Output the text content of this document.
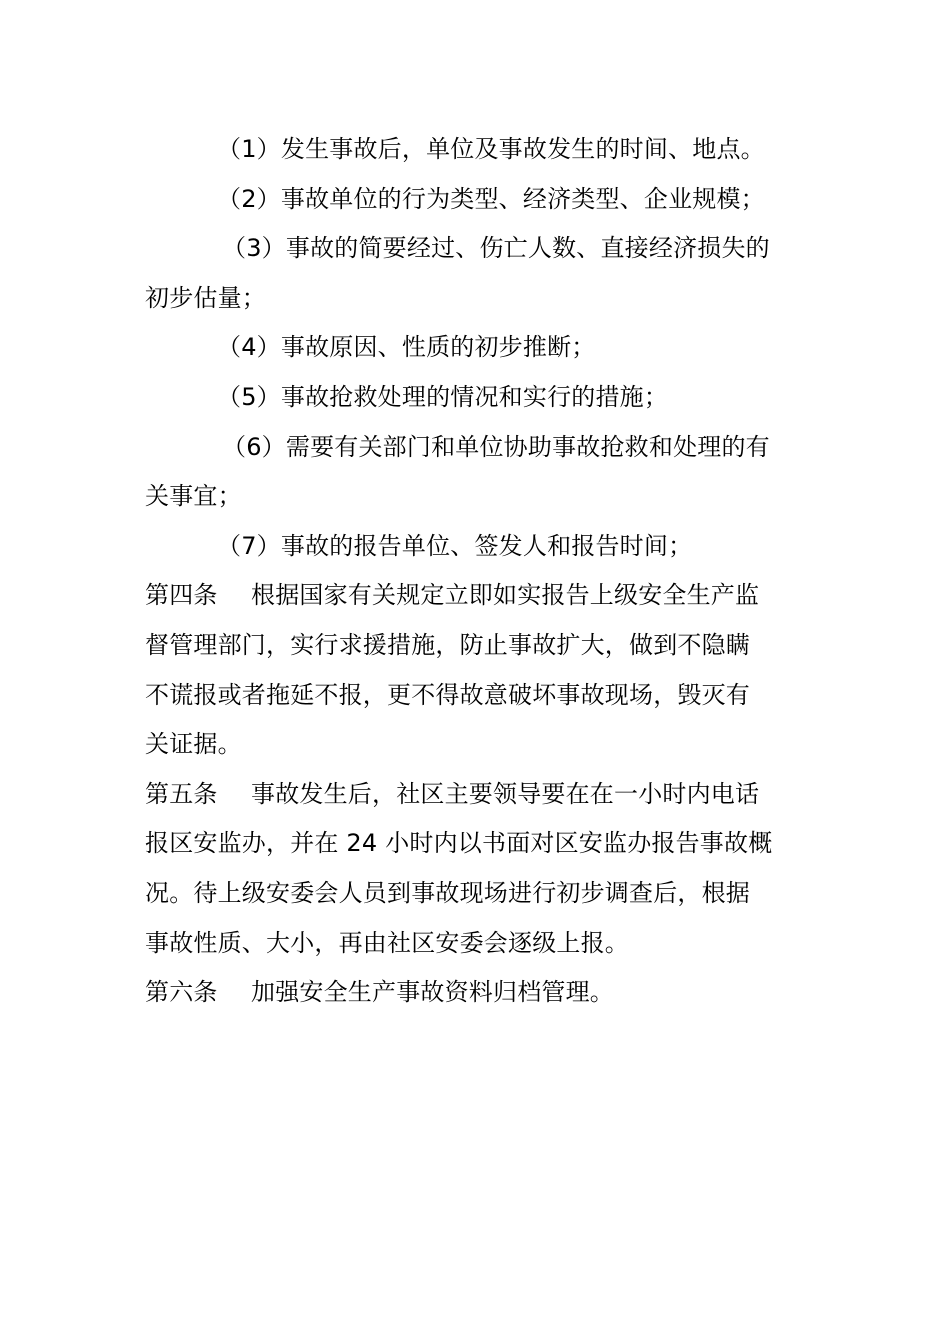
（1）发生事故后，单位及事故发生的时间、地点。

（2）事故单位的行为类型、经济类型、企业规模；

（3）事故的简要经过、伤亡人数、直接经济损失的

初步估量；

（4）事故原因、性质的初步推断；

（5）事故抢救处理的情况和实行的措施；

（6）需要有关部门和单位协助事故抢救和处理的有

关事宜；

（7）事故的报告单位、签发人和报告时间；

第四条 根据国家有关规定立即如实报告上级安全生产监

督管理部门，实行求援措施，防止事故扩大，做到不隐瞒

不谎报或者拖延不报，更不得故意破坏事故现场，毁灭有

关证据。

第五条 事故发生后，社区主要领导要在在一小时内电话

报区安监办，并在 24 小时内以书面对区安监办报告事故概

况。待上级安委会人员到事故现场进行初步调查后，根据

事故性质、大小，再由社区安委会逐级上报。

第六条 加强安全生产事故资料归档管理。
